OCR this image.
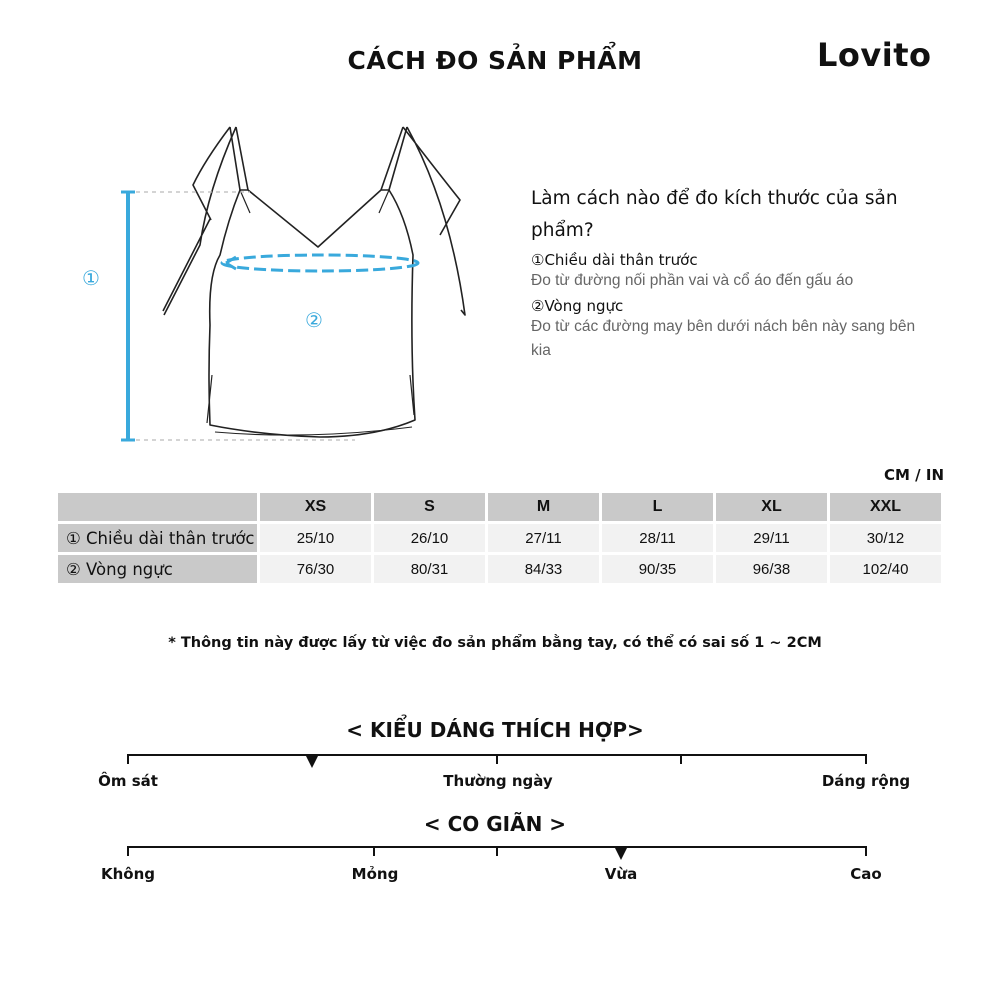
CÁCH ĐO SẢN PHẨM	Lovito
①
②
Làm cách nào để đo kích thước của sản phẩm?
①Chiều dài thân trước
Đo từ đường nối phần vai và cổ áo đến gấu áo
②Vòng ngực
Đo từ các đường may bên dưới nách bên này sang bên kia
CM / IN
	XS	S	M	L	XL	XXL
① Chiều dài thân trước	25/10	26/10	27/11	28/11	29/11	30/12
② Vòng ngực	76/30	80/31	84/33	90/35	96/38	102/40
* Thông tin này được lấy từ việc đo sản phẩm bằng tay, có thể có sai số 1 ~ 2CM
< KIỂU DÁNG THÍCH HỢP>
Ôm sát	Thường ngày	Dáng rộng
< CO GIÃN >
Không	Mỏng	Vừa	Cao
